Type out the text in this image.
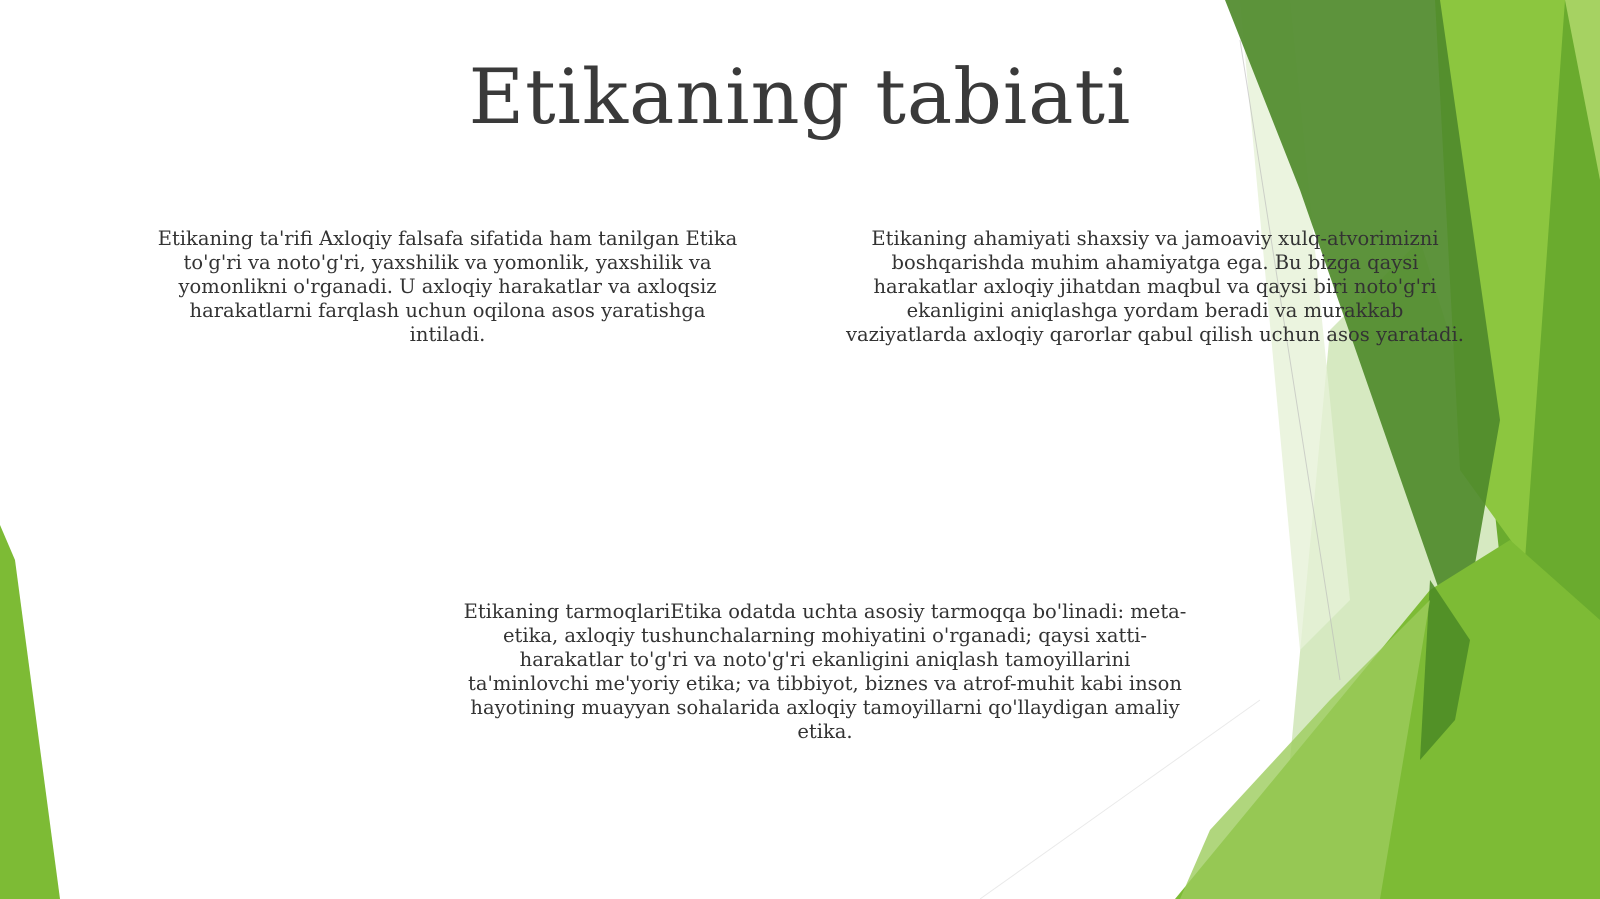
Etikaning tabiati
Etikaning ta'rifi Axloqiy falsafa sifatida ham tanilgan Etika to'g'ri va noto'g'ri, yaxshilik va yomonlik, yaxshilik va yomonlikni o'rganadi. U axloqiy harakatlar va axloqsiz harakatlarni farqlash uchun oqilona asos yaratishga intiladi.
Etikaning ahamiyati shaxsiy va jamoaviy xulq-atvorimizni boshqarishda muhim ahamiyatga ega. Bu bizga qaysi harakatlar axloqiy jihatdan maqbul va qaysi biri noto'g'ri ekanligini aniqlashga yordam beradi va murakkab vaziyatlarda axloqiy qarorlar qabul qilish uchun asos yaratadi.
Etikaning tarmoqlariEtika odatda uchta asosiy tarmoqqa bo'linadi: meta-etika, axloqiy tushunchalarning mohiyatini o'rganadi; qaysi xatti-harakatlar to'g'ri va noto'g'ri ekanligini aniqlash tamoyillarini ta'minlovchi me'yoriy etika; va tibbiyot, biznes va atrof-muhit kabi inson hayotining muayyan sohalarida axloqiy tamoyillarni qo'llaydigan amaliy etika.
